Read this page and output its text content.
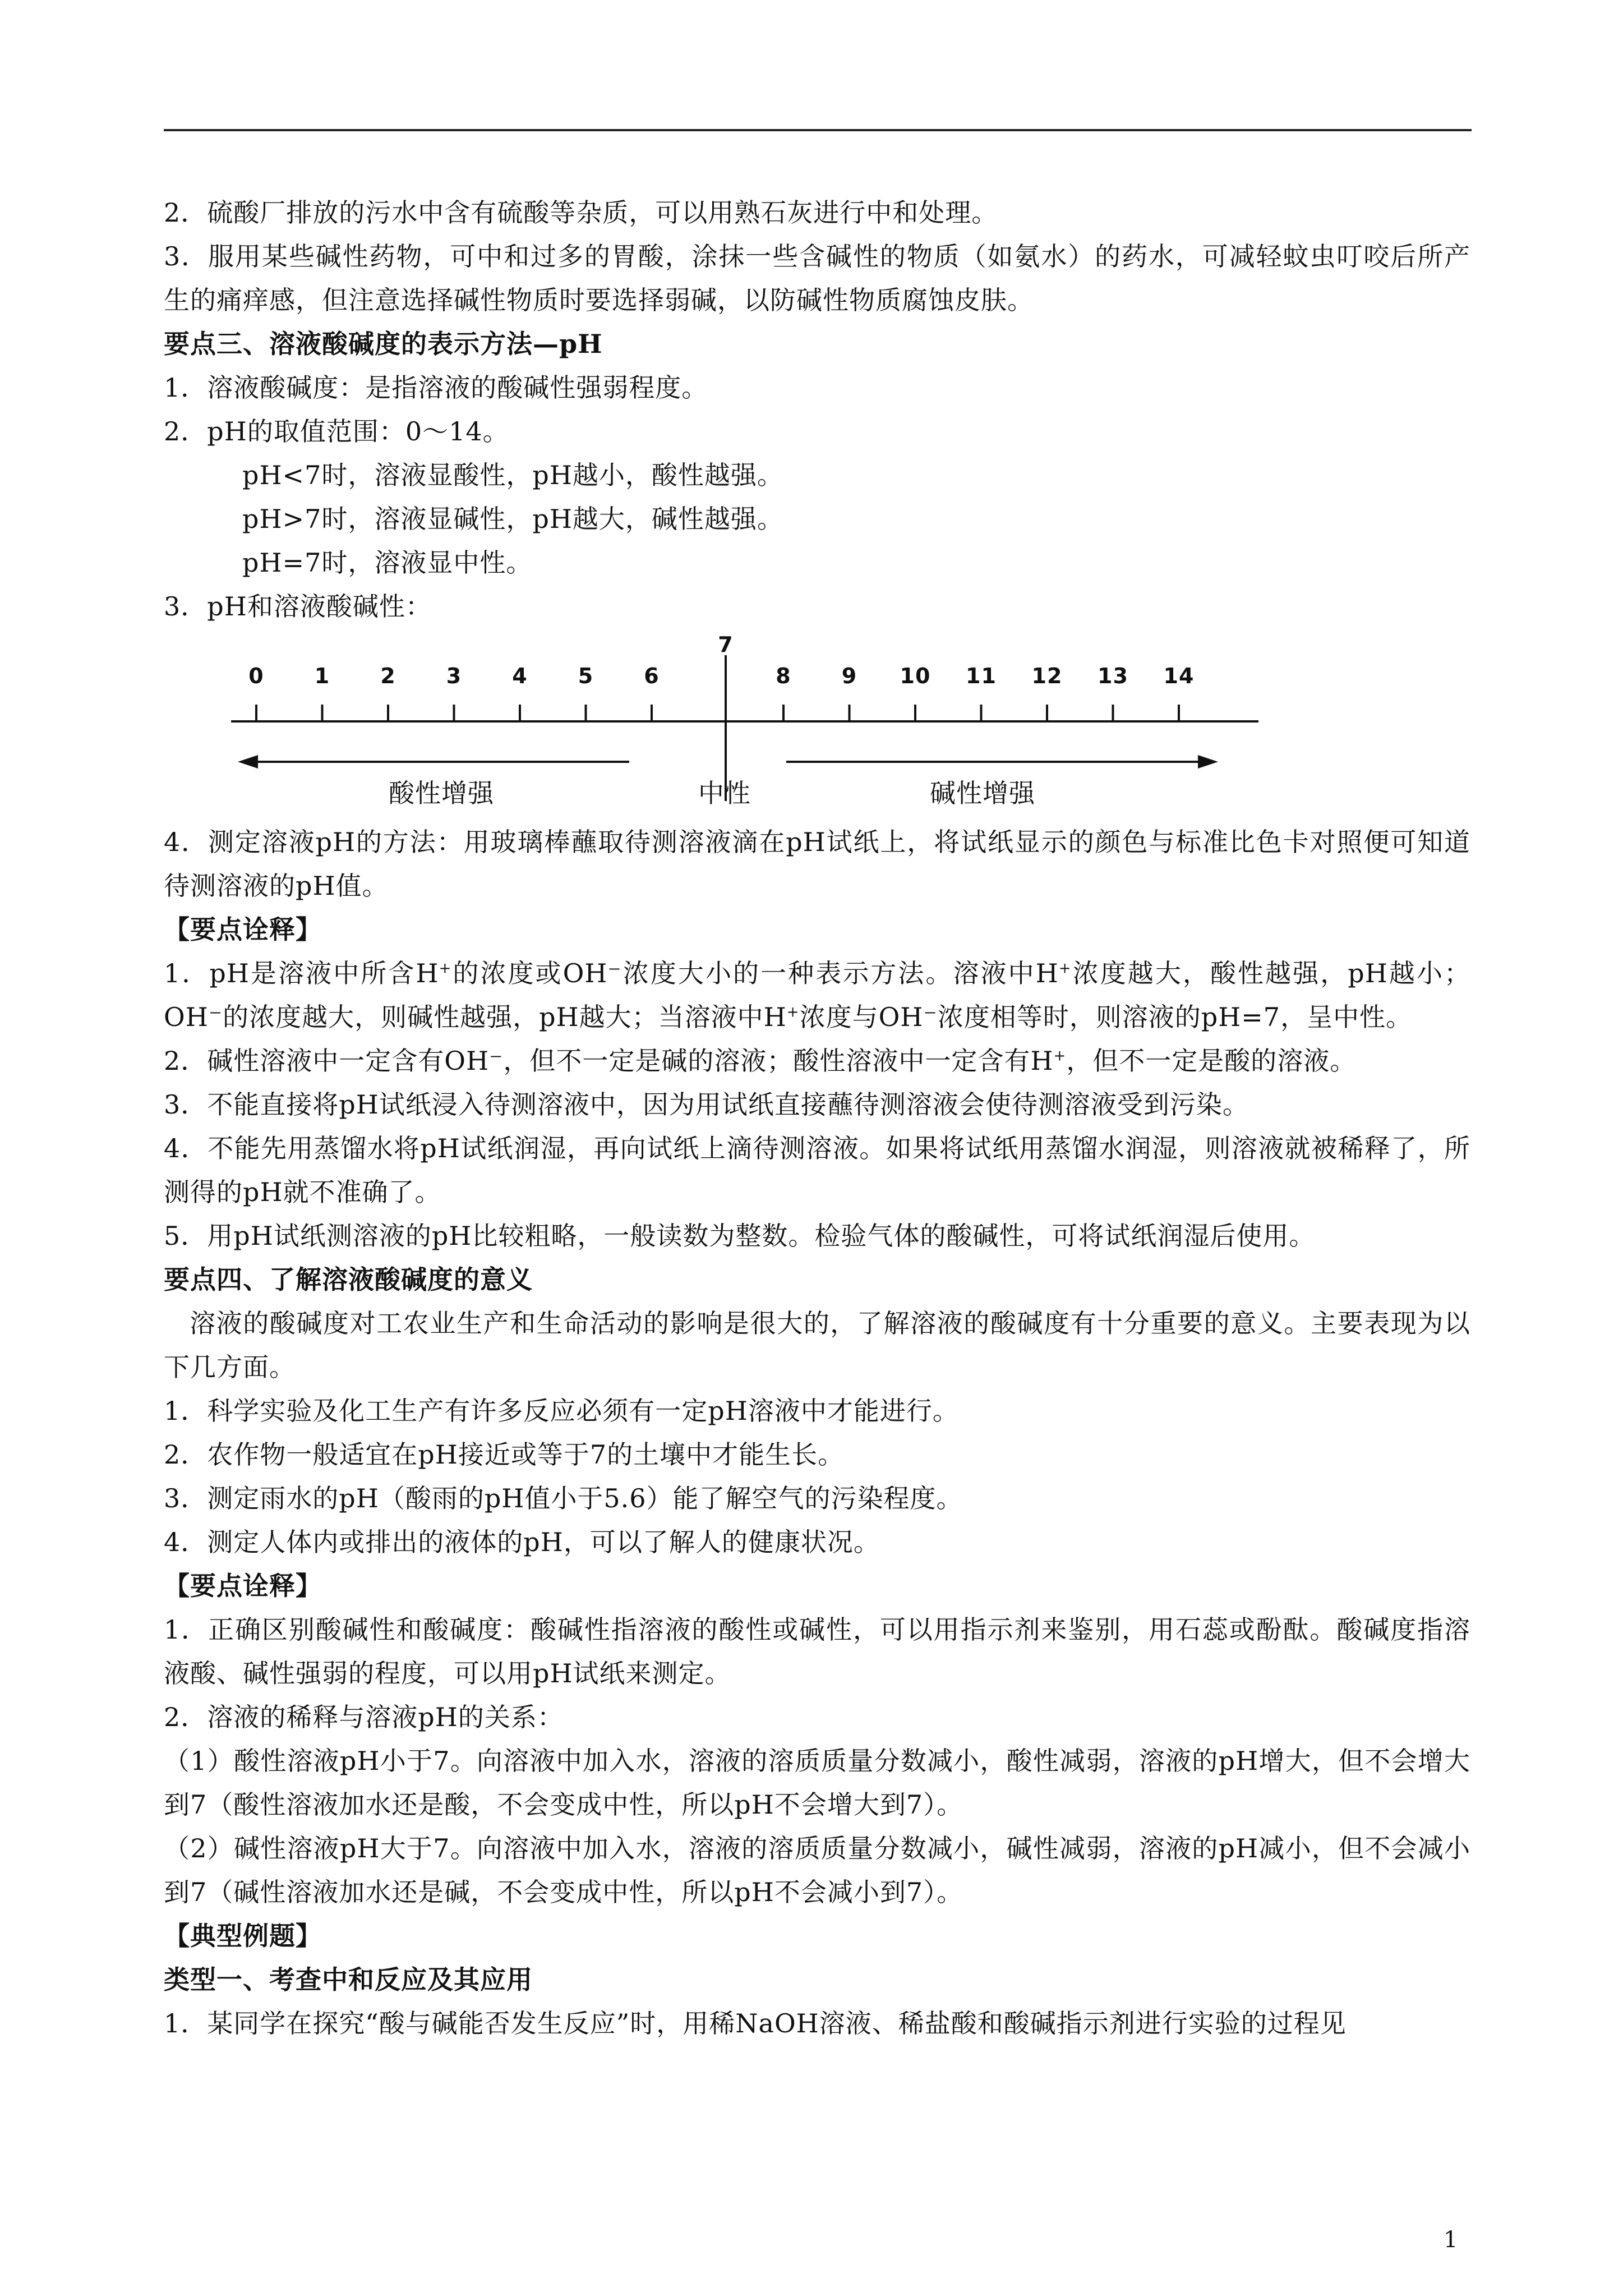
2．硫酸厂排放的污水中含有硫酸等杂质，可以用熟石灰进行中和处理。

3．服用某些碱性药物，可中和过多的胃酸，涂抹一些含碱性的物质（如氨水）的药水，可减轻蚊虫叮咬后所产生的痛痒感，但注意选择碱性物质时要选择弱碱，以防碱性物质腐蚀皮肤。

要点三、溶液酸碱度的表示方法—pH

1．溶液酸碱度：是指溶液的酸碱性强弱程度。

2．pH的取值范围：0～14。

pH<7时，溶液显酸性，pH越小，酸性越强。

pH>7时，溶液显碱性，pH越大，碱性越强。

pH=7时，溶液显中性。

3．pH和溶液酸碱性：

0 1 2 3 4 5 6
7
8 9 10 11 12 13 14
酸性增强	中性	碱性增强

4．测定溶液pH的方法：用玻璃棒蘸取待测溶液滴在pH试纸上，将试纸显示的颜色与标准比色卡对照便可知道待测溶液的pH值。

【要点诠释】

1．pH是溶液中所含H+的浓度或OH⁻浓度大小的一种表示方法。溶液中H+浓度越大，酸性越强，pH越小；OH⁻的浓度越大，则碱性越强，pH越大；当溶液中H+浓度与OH⁻浓度相等时，则溶液的pH=7，呈中性。

2．碱性溶液中一定含有OH⁻，但不一定是碱的溶液；酸性溶液中一定含有H+，但不一定是酸的溶液。

3．不能直接将pH试纸浸入待测溶液中，因为用试纸直接蘸待测溶液会使待测溶液受到污染。

4．不能先用蒸馏水将pH试纸润湿，再向试纸上滴待测溶液。如果将试纸用蒸馏水润湿，则溶液就被稀释了，所测得的pH就不准确了。

5．用pH试纸测溶液的pH比较粗略，一般读数为整数。检验气体的酸碱性，可将试纸润湿后使用。

要点四、了解溶液酸碱度的意义

溶液的酸碱度对工农业生产和生命活动的影响是很大的，了解溶液的酸碱度有十分重要的意义。主要表现为以下几方面。

1．科学实验及化工生产有许多反应必须有一定pH溶液中才能进行。

2．农作物一般适宜在pH接近或等于7的土壤中才能生长。

3．测定雨水的pH（酸雨的pH值小于5.6）能了解空气的污染程度。

4．测定人体内或排出的液体的pH，可以了解人的健康状况。

【要点诠释】

1．正确区别酸碱性和酸碱度：酸碱性指溶液的酸性或碱性，可以用指示剂来鉴别，用石蕊或酚酞。酸碱度指溶液酸、碱性强弱的程度，可以用pH试纸来测定。

2．溶液的稀释与溶液pH的关系：

（1）酸性溶液pH小于7。向溶液中加入水，溶液的溶质质量分数减小，酸性减弱，溶液的pH增大，但不会增大到7（酸性溶液加水还是酸，不会变成中性，所以pH不会增大到7）。

（2）碱性溶液pH大于7。向溶液中加入水，溶液的溶质质量分数减小，碱性减弱，溶液的pH减小，但不会减小到7（碱性溶液加水还是碱，不会变成中性，所以pH不会减小到7）。

【典型例题】

类型一、考查中和反应及其应用

1．某同学在探究“酸与碱能否发生反应”时，用稀NaOH溶液、稀盐酸和酸碱指示剂进行实验的过程见

1
